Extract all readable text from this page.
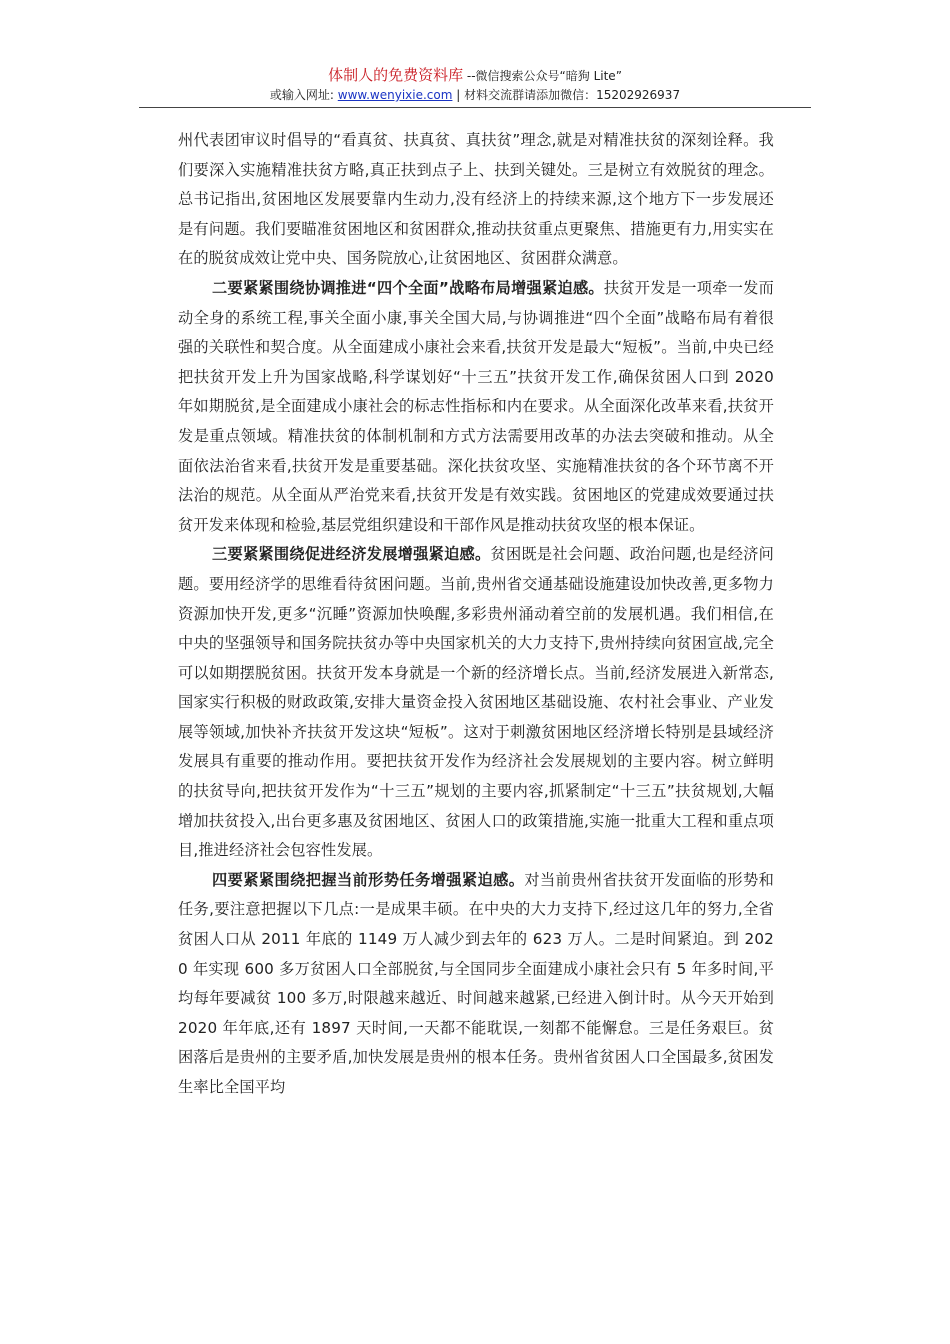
体制人的免费资料库 --微信搜索公众号“暗狗 Lite”
或输入网址: www.wenyixie.com | 材料交流群请添加微信：15202926937

州代表团审议时倡导的“看真贫、扶真贫、真扶贫”理念,就是对精准扶贫的深刻诠释。我们要深入实施精准扶贫方略,真正扶到点子上、扶到关键处。三是树立有效脱贫的理念。总书记指出,贫困地区发展要靠内生动力,没有经济上的持续来源,这个地方下一步发展还是有问题。我们要瞄准贫困地区和贫困群众,推动扶贫重点更聚焦、措施更有力,用实实在在的脱贫成效让党中央、国务院放心,让贫困地区、贫困群众满意。

二要紧紧围绕协调推进“四个全面”战略布局增强紧迫感。扶贫开发是一项牵一发而动全身的系统工程,事关全面小康,事关全国大局,与协调推进“四个全面”战略布局有着很强的关联性和契合度。从全面建成小康社会来看,扶贫开发是最大“短板”。当前,中央已经把扶贫开发上升为国家战略,科学谋划好“十三五”扶贫开发工作,确保贫困人口到 2020 年如期脱贫,是全面建成小康社会的标志性指标和内在要求。从全面深化改革来看,扶贫开发是重点领域。精准扶贫的体制机制和方式方法需要用改革的办法去突破和推动。从全面依法治省来看,扶贫开发是重要基础。深化扶贫攻坚、实施精准扶贫的各个环节离不开法治的规范。从全面从严治党来看,扶贫开发是有效实践。贫困地区的党建成效要通过扶贫开发来体现和检验,基层党组织建设和干部作风是推动扶贫攻坚的根本保证。

三要紧紧围绕促进经济发展增强紧迫感。贫困既是社会问题、政治问题,也是经济问题。要用经济学的思维看待贫困问题。当前,贵州省交通基础设施建设加快改善,更多物力资源加快开发,更多“沉睡”资源加快唤醒,多彩贵州涌动着空前的发展机遇。我们相信,在中央的坚强领导和国务院扶贫办等中央国家机关的大力支持下,贵州持续向贫困宣战,完全可以如期摆脱贫困。扶贫开发本身就是一个新的经济增长点。当前,经济发展进入新常态,国家实行积极的财政政策,安排大量资金投入贫困地区基础设施、农村社会事业、产业发展等领域,加快补齐扶贫开发这块“短板”。这对于刺激贫困地区经济增长特别是县域经济发展具有重要的推动作用。要把扶贫开发作为经济社会发展规划的主要内容。树立鲜明的扶贫导向,把扶贫开发作为“十三五”规划的主要内容,抓紧制定“十三五”扶贫规划,大幅增加扶贫投入,出台更多惠及贫困地区、贫困人口的政策措施,实施一批重大工程和重点项目,推进经济社会包容性发展。

四要紧紧围绕把握当前形势任务增强紧迫感。对当前贵州省扶贫开发面临的形势和任务,要注意把握以下几点:一是成果丰硕。在中央的大力支持下,经过这几年的努力,全省贫困人口从 2011 年底的 1149 万人减少到去年的 623 万人。二是时间紧迫。到 2020 年实现 600 多万贫困人口全部脱贫,与全国同步全面建成小康社会只有 5 年多时间,平均每年要减贫 100 多万,时限越来越近、时间越来越紧,已经进入倒计时。从今天开始到 2020 年年底,还有 1897 天时间,一天都不能耽误,一刻都不能懈怠。三是任务艰巨。贫困落后是贵州的主要矛盾,加快发展是贵州的根本任务。贵州省贫困人口全国最多,贫困发生率比全国平均
